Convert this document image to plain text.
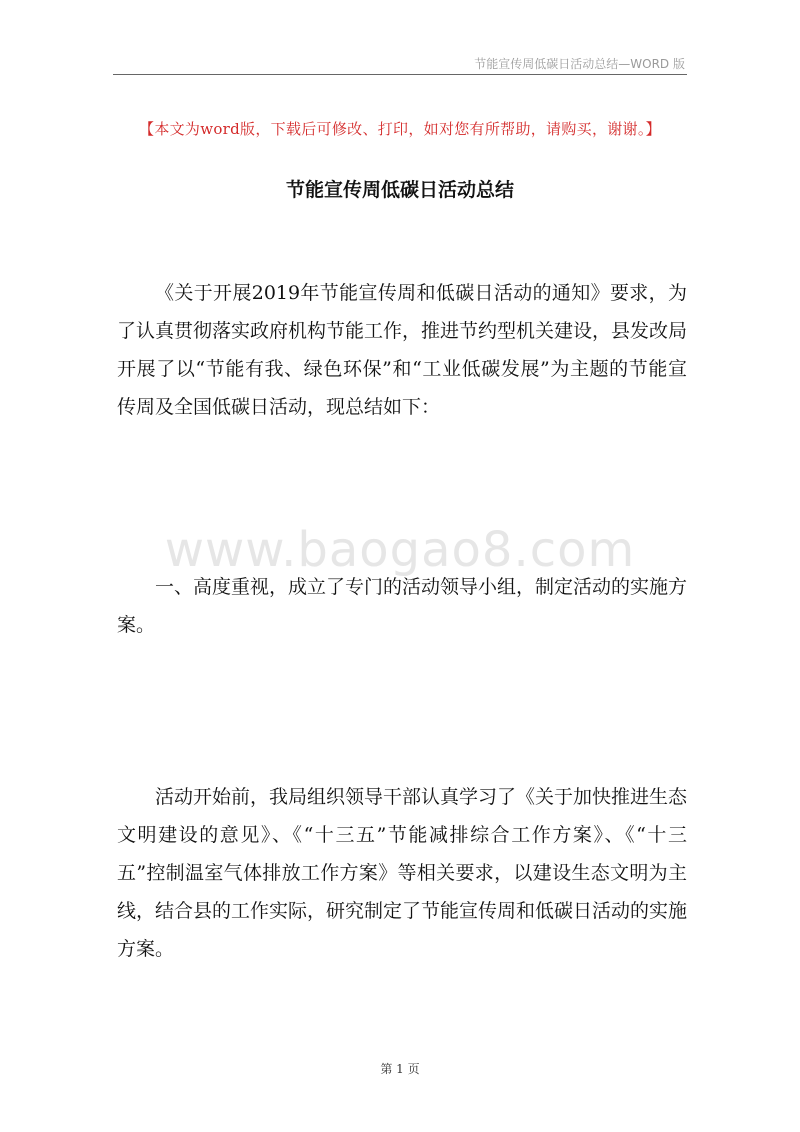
节能宣传周低碳日活动总结—WORD 版
【本文为word版，下载后可修改、打印，如对您有所帮助，请购买，谢谢。】
节能宣传周低碳日活动总结

《关于开展2019年节能宣传周和低碳日活动的通知》要求，为了认真贯彻落实政府机构节能工作，推进节约型机关建设，县发改局开展了以“节能有我、绿色环保”和“工业低碳发展”为主题的节能宣传周及全国低碳日活动，现总结如下：

www.baogao8.com

一、高度重视，成立了专门的活动领导小组，制定活动的实施方案。

活动开始前，我局组织领导干部认真学习了《关于加快推进生态文明建设的意见》、《“十三五”节能减排综合工作方案》、《“十三五”控制温室气体排放工作方案》等相关要求，以建设生态文明为主线，结合县的工作实际，研究制定了节能宣传周和低碳日活动的实施方案。

第 1 页
